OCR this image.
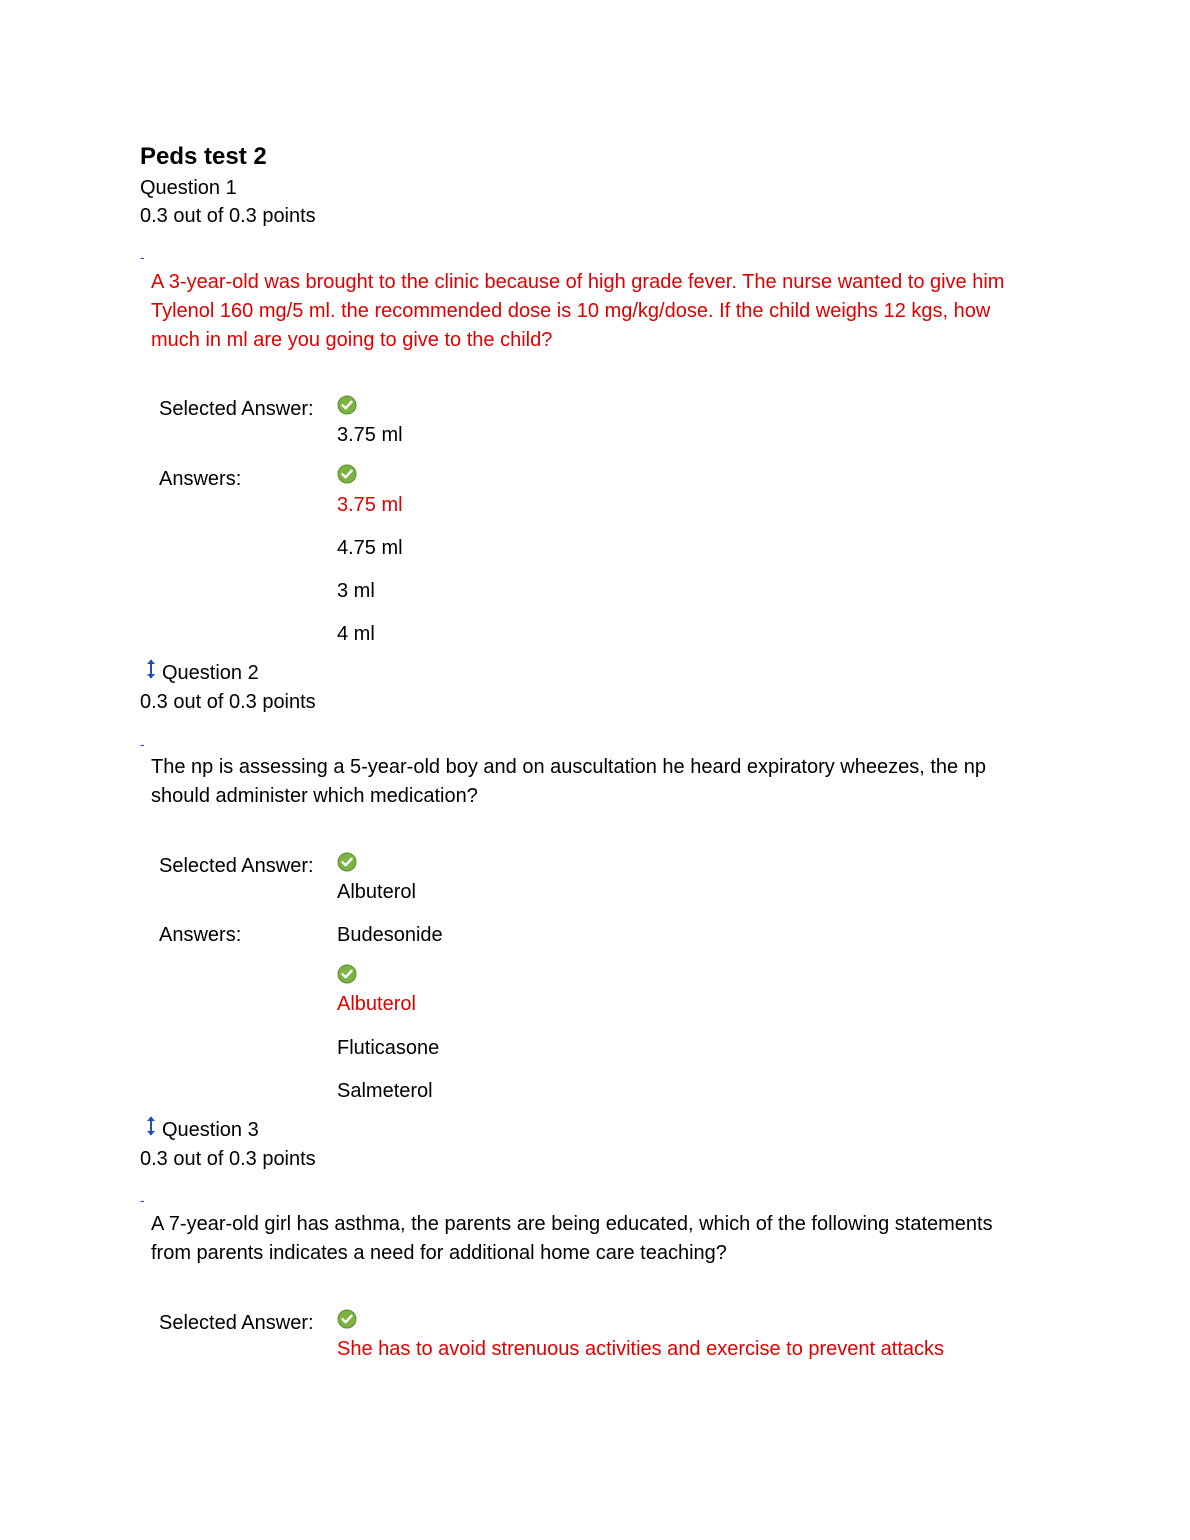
Peds test 2
Question 1
0.3 out of 0.3 points
-
A 3-year-old was brought to the clinic because of high grade fever. The nurse wanted to give him Tylenol 160 mg/5 ml. the recommended dose is 10 mg/kg/dose. If the child weighs 12 kgs, how much in ml are you going to give to the child?
Selected Answer:
3.75 ml
Answers:
3.75 ml
4.75 ml
3 ml
4 ml
Question 2
0.3 out of 0.3 points
-
The np is assessing a 5-year-old boy and on auscultation he heard expiratory wheezes, the np should administer which medication?
Selected Answer:
Albuterol
Answers:	Budesonide
Albuterol
Fluticasone
Salmeterol
Question 3
0.3 out of 0.3 points
-
A 7-year-old girl has asthma, the parents are being educated, which of the following statements from parents indicates a need for additional home care teaching?
Selected Answer:
She has to avoid strenuous activities and exercise to prevent attacks
